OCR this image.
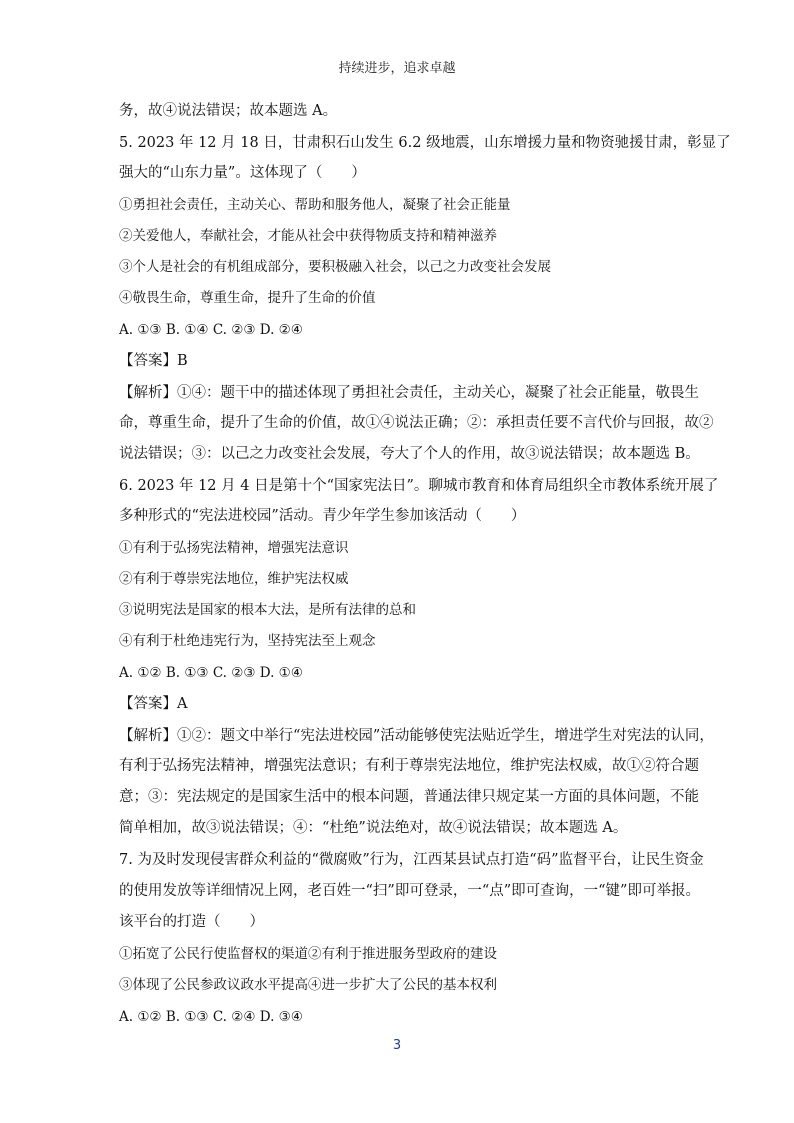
持续进步，追求卓越
务，故④说法错误；故本题选 A。
5. 2023 年 12 月 18 日，甘肃积石山发生 6.2 级地震，山东增援力量和物资驰援甘肃，彰显了
强大的“山东力量”。这体现了（　　）
①勇担社会责任，主动关心、帮助和服务他人，凝聚了社会正能量
②关爱他人，奉献社会，才能从社会中获得物质支持和精神滋养
③个人是社会的有机组成部分，要积极融入社会，以己之力改变社会发展
④敬畏生命，尊重生命，提升了生命的价值
A. ①③ B. ①④ C. ②③ D. ②④
【答案】B
【解析】①④：题干中的描述体现了勇担社会责任，主动关心，凝聚了社会正能量，敬畏生
命，尊重生命，提升了生命的价值，故①④说法正确；②：承担责任要不言代价与回报，故②
说法错误；③：以己之力改变社会发展，夸大了个人的作用，故③说法错误；故本题选 B。
6. 2023 年 12 月 4 日是第十个“国家宪法日”。聊城市教育和体育局组织全市教体系统开展了
多种形式的“宪法进校园”活动。青少年学生参加该活动（　　）
①有利于弘扬宪法精神，增强宪法意识
②有利于尊崇宪法地位，维护宪法权威
③说明宪法是国家的根本大法，是所有法律的总和
④有利于杜绝违宪行为，坚持宪法至上观念
A. ①② B. ①③ C. ②③ D. ①④
【答案】A
【解析】①②：题文中举行“宪法进校园”活动能够使宪法贴近学生，增进学生对宪法的认同，
有利于弘扬宪法精神，增强宪法意识；有利于尊崇宪法地位，维护宪法权威，故①②符合题
意；③：宪法规定的是国家生活中的根本问题，普通法律只规定某一方面的具体问题，不能
简单相加，故③说法错误；④：“杜绝”说法绝对，故④说法错误；故本题选 A。
7. 为及时发现侵害群众利益的“微腐败”行为，江西某县试点打造“码”监督平台，让民生资金
的使用发放等详细情况上网，老百姓一“扫”即可登录，一“点”即可查询，一“键”即可举报。
该平台的打造（　　）
①拓宽了公民行使监督权的渠道②有利于推进服务型政府的建设
③体现了公民参政议政水平提高④进一步扩大了公民的基本权利
A. ①② B. ①③ C. ②④ D. ③④
3
